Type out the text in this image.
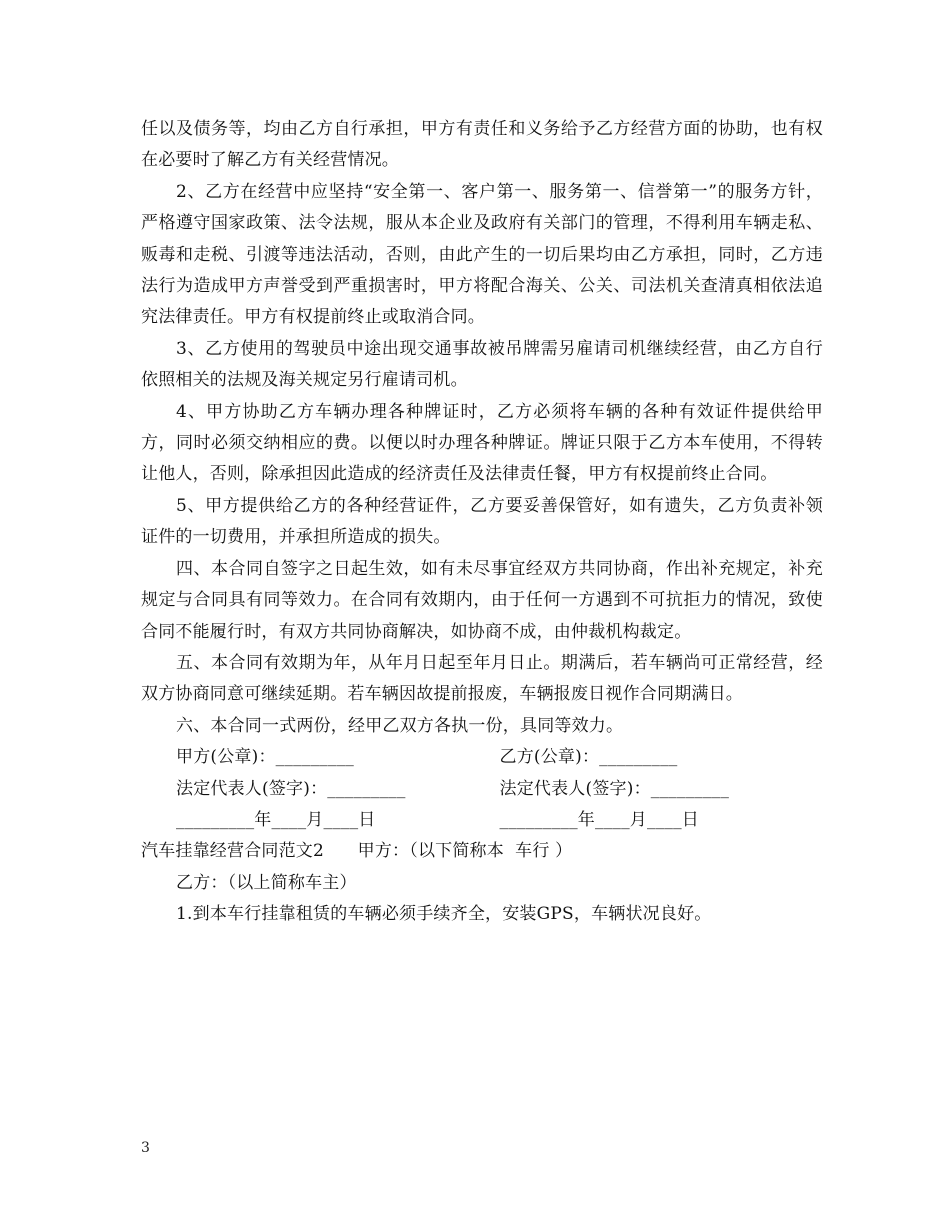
任以及债务等，均由乙方自行承担，甲方有责任和义务给予乙方经营方面的协助，也有权在必要时了解乙方有关经营情况。

2、乙方在经营中应坚持“安全第一、客户第一、服务第一、信誉第一”的服务方针，严格遵守国家政策、法令法规，服从本企业及政府有关部门的管理，不得利用车辆走私、贩毒和走税、引渡等违法活动，否则，由此产生的一切后果均由乙方承担，同时，乙方违法行为造成甲方声誉受到严重损害时，甲方将配合海关、公关、司法机关查清真相依法追究法律责任。甲方有权提前终止或取消合同。

3、乙方使用的驾驶员中途出现交通事故被吊牌需另雇请司机继续经营，由乙方自行依照相关的法规及海关规定另行雇请司机。

4、甲方协助乙方车辆办理各种牌证时，乙方必须将车辆的各种有效证件提供给甲方，同时必须交纳相应的费。以便以时办理各种牌证。牌证只限于乙方本车使用，不得转让他人，否则，除承担因此造成的经济责任及法律责任餐，甲方有权提前终止合同。

5、甲方提供给乙方的各种经营证件，乙方要妥善保管好，如有遗失，乙方负责补领证件的一切费用，并承担所造成的损失。

四、本合同自签字之日起生效，如有未尽事宜经双方共同协商，作出补充规定，补充规定与合同具有同等效力。在合同有效期内，由于任何一方遇到不可抗拒力的情况，致使合同不能履行时，有双方共同协商解决，如协商不成，由仲裁机构裁定。

五、本合同有效期为年，从年月日起至年月日止。期满后，若车辆尚可正常经营，经双方协商同意可继续延期。若车辆因故提前报废，车辆报废日视作合同期满日。

六、本合同一式两份，经甲乙双方各执一份，具同等效力。

甲方(公章)：_________	乙方(公章)：_________
法定代表人(签字)：_________	法定代表人(签字)：_________
_________年____月____日	_________年____月____日

汽车挂靠经营合同范文2      甲方：（以下简称本  车行 ）

乙方：（以上简称车主）

1.到本车行挂靠租赁的车辆必须手续齐全，安装GPS，车辆状况良好。

3
